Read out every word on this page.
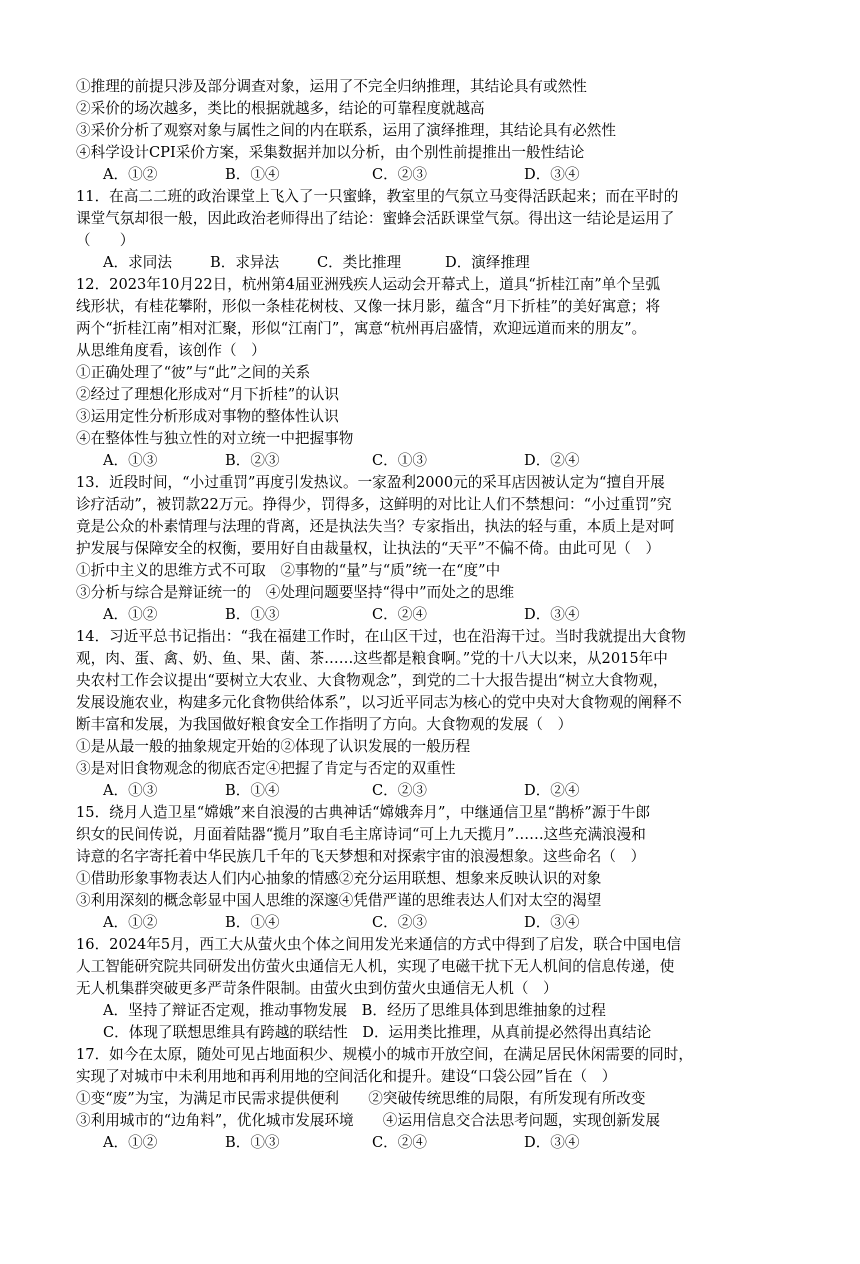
①推理的前提只涉及部分调查对象，运用了不完全归纳推理，其结论具有或然性
②采价的场次越多，类比的根据就越多，结论的可靠程度就越高
③采价分析了观察对象与属性之间的内在联系，运用了演绎推理，其结论具有必然性
④科学设计CPI采价方案，采集数据并加以分析，由个别性前提推出一般性结论

A．①②

	B．①④

	C．②③

	D．③④

11．在高二二班的政治课堂上飞入了一只蜜蜂，教室里的气氛立马变得活跃起来；而在平时的
课堂气氛却很一般，因此政治老师得出了结论：蜜蜂会活跃课堂气氛。得出这一结论是运用了
（　　）

A．求同法

	B．求异法

	C．类比推理

	D．演绎推理

12．2023年10月22日，杭州第4届亚洲残疾人运动会开幕式上，道具“折桂江南”单个呈弧
线形状，有桂花攀附，形似一条桂花树枝、又像一抹月影，蕴含“月下折桂”的美好寓意；将
两个“折桂江南”相对汇聚，形似“江南门”，寓意“杭州再启盛情，欢迎远道而来的朋友”。
从思维角度看，该创作（　）
①正确处理了“彼”与“此”之间的关系
②经过了理想化形成对“月下折桂”的认识
③运用定性分析形成对事物的整体性认识
④在整体性与独立性的对立统一中把握事物

A．①③

	B．②③

	C．①③

	D．②④

13．近段时间，“小过重罚”再度引发热议。一家盈利2000元的采耳店因被认定为“擅自开展
诊疗活动”，被罚款22万元。挣得少，罚得多，这鲜明的对比让人们不禁想问：“小过重罚”究
竟是公众的朴素情理与法理的背离，还是执法失当？专家指出，执法的轻与重，本质上是对呵
护发展与保障安全的权衡，要用好自由裁量权，让执法的“天平”不偏不倚。由此可见（　）
①折中主义的思维方式不可取　②事物的“量”与“质”统一在“度”中
③分析与综合是辩证统一的　④处理问题要坚持“得中”而处之的思维

A．①②

	B．①③

	C．②④

	D．③④

14．习近平总书记指出：“我在福建工作时，在山区干过，也在沿海干过。当时我就提出大食物
观，肉、蛋、禽、奶、鱼、果、菌、茶……这些都是粮食啊。”党的十八大以来，从2015年中
央农村工作会议提出“要树立大农业、大食物观念”，到党的二十大报告提出“树立大食物观，
发展设施农业，构建多元化食物供给体系”，以习近平同志为核心的党中央对大食物观的阐释不
断丰富和发展，为我国做好粮食安全工作指明了方向。大食物观的发展（　）
①是从最一般的抽象规定开始的②体现了认识发展的一般历程
③是对旧食物观念的彻底否定④把握了肯定与否定的双重性

A．①③

	B．①④

	C．②③

	D．②④

15．绕月人造卫星“嫦娥”来自浪漫的古典神话“嫦娥奔月”，中继通信卫星“鹊桥”源于牛郎
织女的民间传说，月面着陆器“揽月”取自毛主席诗词“可上九天揽月”……这些充满浪漫和
诗意的名字寄托着中华民族几千年的飞天梦想和对探索宇宙的浪漫想象。这些命名（　）
①借助形象事物表达人们内心抽象的情感②充分运用联想、想象来反映认识的对象
③利用深刻的概念彰显中国人思维的深邃④凭借严谨的思维表达人们对太空的渴望

A．①②

	B．①④

	C．②③

	D．③④

16．2024年5月，西工大从萤火虫个体之间用发光来通信的方式中得到了启发，联合中国电信
人工智能研究院共同研发出仿萤火虫通信无人机，实现了电磁干扰下无人机间的信息传递，使
无人机集群突破更多严苛条件限制。由萤火虫到仿萤火虫通信无人机（　）
A．坚持了辩证否定观，推动事物发展　B．经历了思维具体到思维抽象的过程
C．体现了联想思维具有跨越的联结性　D．运用类比推理，从真前提必然得出真结论
17．如今在太原，随处可见占地面积少、规模小的城市开放空间，在满足居民休闲需要的同时，
实现了对城市中未利用地和再利用地的空间活化和提升。建设“口袋公园”旨在（　）
①变“废”为宝，为满足市民需求提供便利　　②突破传统思维的局限，有所发现有所改变
③利用城市的“边角料”，优化城市发展环境　　④运用信息交合法思考问题，实现创新发展

A．①②

	B．①③

	C．②④

	D．③④
